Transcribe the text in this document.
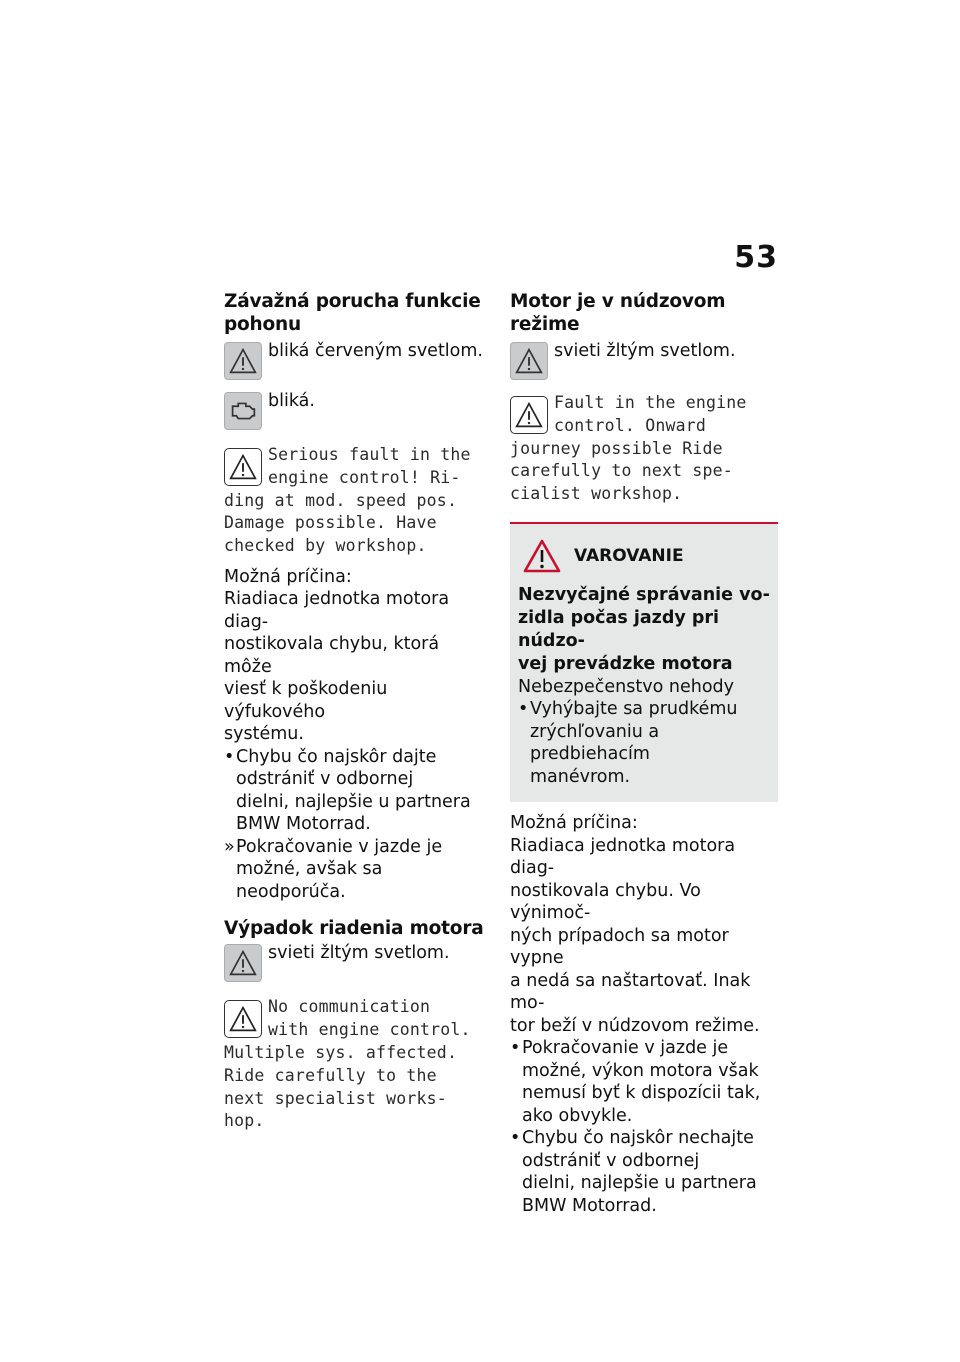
53
Závažná porucha funkcie
pohonu
bliká červeným svetlom.
bliká.
Serious fault in the
engine control! Ri-
ding at mod. speed pos.
Damage possible. Have
checked by workshop.
Možná príčina:
Riadiaca jednotka motora diag-
nostikovala chybu, ktorá môže
viesť k poškodeniu výfukového
systému.
• Chybu čo najskôr dajte
odstrániť v odbornej
dielni, najlepšie u partnera
BMW Motorrad.
» Pokračovanie v jazde je
možné, avšak sa neodporúča.
Výpadok riadenia motora
svieti žltým svetlom.
No communication
with engine control.
Multiple sys. affected.
Ride carefully to the
next specialist works-
hop.
Motor je v núdzovom režime
svieti žltým svetlom.
Fault in the engine
control. Onward
journey possible Ride
carefully to next spe-
cialist workshop.
VAROVANIE
Nezvyčajné správanie vo-
zidla počas jazdy pri núdzo-
vej prevádzke motora
Nebezpečenstvo nehody
• Vyhýbajte sa prudkému
zrýchľovaniu a predbiehacím
manévrom.
Možná príčina:
Riadiaca jednotka motora diag-
nostikovala chybu. Vo výnimoč-
ných prípadoch sa motor vypne
a nedá sa naštartovať. Inak mo-
tor beží v núdzovom režime.
• Pokračovanie v jazde je
možné, výkon motora však
nemusí byť k dispozícii tak,
ako obvykle.
• Chybu čo najskôr nechajte
odstrániť v odbornej
dielni, najlepšie u partnera
BMW Motorrad.
